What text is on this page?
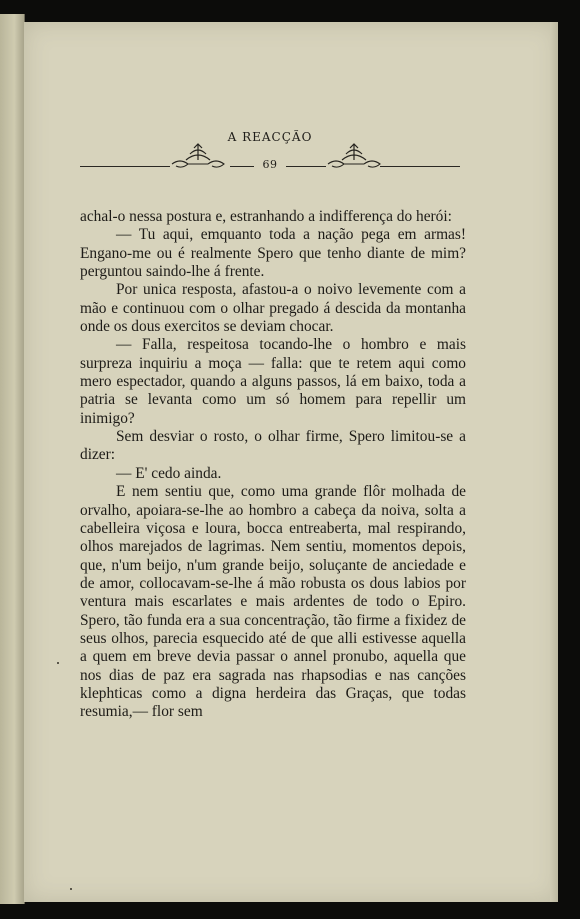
A REACÇÃO
69

achal-o nessa postura e, estranhando a indifferença do herói:

— Tu aqui, emquanto toda a nação pega em armas! Engano-me ou é realmente Spero que tenho diante de mim? perguntou saindo-lhe á frente.

Por unica resposta, afastou-a o noivo levemente com a mão e continuou com o olhar pregado á descida da montanha onde os dous exercitos se deviam chocar.

— Falla, respeitosa tocando-lhe o hombro e mais surpreza inquiriu a moça — falla: que te retem aqui como mero espectador, quando a alguns passos, lá em baixo, toda a patria se levanta como um só homem para repellir um inimigo?

Sem desviar o rosto, o olhar firme, Spero limitou-se a dizer:

— E' cedo ainda.

E nem sentiu que, como uma grande flôr molhada de orvalho, apoiara-se-lhe ao hombro a cabeça da noiva, solta a cabelleira viçosa e loura, bocca entreaberta, mal respirando, olhos marejados de lagrimas. Nem sentiu, momentos depois, que, n'um beijo, n'um grande beijo, soluçante de anciedade e de amor, collocavam-se-lhe á mão robusta os dous labios por ventura mais escarlates e mais ardentes de todo o Epiro. Spero, tão funda era a sua concentração, tão firme a fixidez de seus olhos, parecia esquecido até de que alli estivesse aquella a quem em breve devia passar o annel pronubo, aquella que nos dias de paz era sagrada nas rhapsodias e nas canções klephticas como a digna herdeira das Graças, que todas resumia,— flor sem
